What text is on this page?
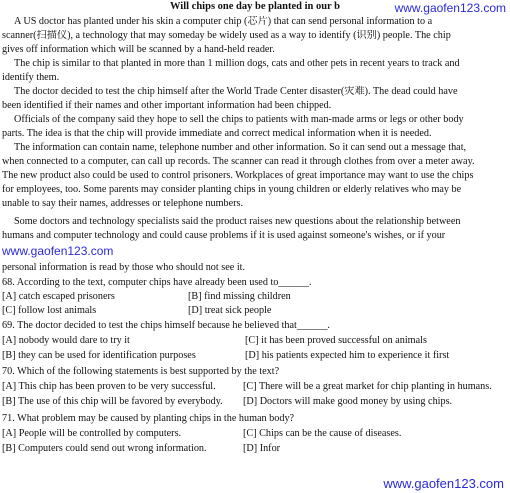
Will chips one day be planted in our b	www.gaofen123.com
A US doctor has planted under his skin a computer chip (芯片) that can send personal information to a
scanner(扫描仪), a technology that may someday be widely used as a way to identify (识别) people. The chip
gives off information which will be scanned by a hand-held reader.
The chip is similar to that planted in more than 1 million dogs, cats and other pets in recent years to track and
identify them.
The doctor decided to test the chip himself after the World Trade Center disaster(灾难). The dead could have
been identified if their names and other important information had been chipped.
Officials of the company said they hope to sell the chips to patients with man-made arms or legs or other body
parts. The idea is that the chip will provide immediate and correct medical information when it is needed.
The information can contain name, telephone number and other information. So it can send out a message that,
when connected to a computer, can call up records. The scanner can read it through clothes from over a meter away.
The new product also could be used to control prisoners. Workplaces of great importance may want to use the chips
for employees, too. Some parents may consider planting chips in young children or elderly relatives who may be
unable to say their names, addresses or telephone numbers.
www.gaofen123.com
Some doctors and technology specialists said the product raises new questions about the relationship between
humans and computer technology and could cause problems if it is used against someone's wishes, or if your
personal information is read by those who should not see it.
68. According to the text, computer chips have already been used to______.
[A] catch escaped prisoners	[B] find missing children
[C] follow lost animals	[D] treat sick people
69. The doctor decided to test the chips himself because he believed that______.
[A] nobody would dare to try it	[C] it has been proved successful on animals
[B] they can be used for identification purposes	[D] his patients expected him to experience it first
70. Which of the following statements is best supported by the text?
[A] This chip has been proven to be very successful.	[C] There will be a great market for chip planting in humans.
[B] The use of this chip will be favored by everybody. [D] Doctors will make good money by using chips.
71. What problem may be caused by planting chips in the human body?
[A] People will be controlled by computers.	[C] Chips can be the cause of diseases.
[B] Computers could send out wrong information.	[D] Infor
www.gaofen123.com
